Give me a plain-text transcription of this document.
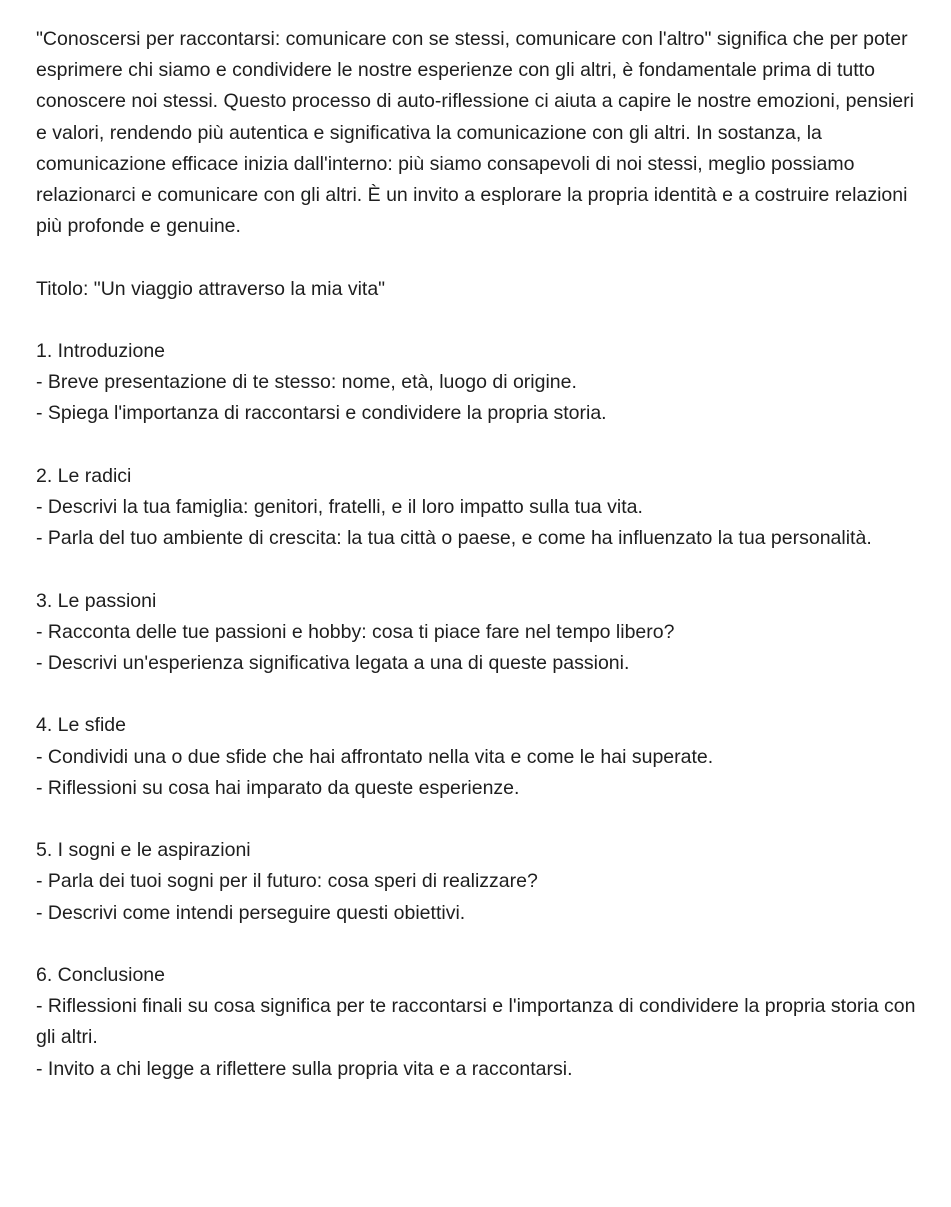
"Conoscersi per raccontarsi: comunicare con se stessi, comunicare con l'altro" significa che per poter esprimere chi siamo e condividere le nostre esperienze con gli altri, è fondamentale prima di tutto conoscere noi stessi. Questo processo di auto-riflessione ci aiuta a capire le nostre emozioni, pensieri e valori, rendendo più autentica e significativa la comunicazione con gli altri. In sostanza, la comunicazione efficace inizia dall'interno: più siamo consapevoli di noi stessi, meglio possiamo relazionarci e comunicare con gli altri. È un invito a esplorare la propria identità e a costruire relazioni più profonde e genuine.

Titolo: "Un viaggio attraverso la mia vita"

1. Introduzione

- Breve presentazione di te stesso: nome, età, luogo di origine.

- Spiega l'importanza di raccontarsi e condividere la propria storia.

2. Le radici

- Descrivi la tua famiglia: genitori, fratelli, e il loro impatto sulla tua vita.

- Parla del tuo ambiente di crescita: la tua città o paese, e come ha influenzato la tua personalità.

3. Le passioni

- Racconta delle tue passioni e hobby: cosa ti piace fare nel tempo libero?

- Descrivi un'esperienza significativa legata a una di queste passioni.

4. Le sfide

- Condividi una o due sfide che hai affrontato nella vita e come le hai superate.

- Riflessioni su cosa hai imparato da queste esperienze.

5. I sogni e le aspirazioni

- Parla dei tuoi sogni per il futuro: cosa speri di realizzare?

- Descrivi come intendi perseguire questi obiettivi.

6. Conclusione

- Riflessioni finali su cosa significa per te raccontarsi e l'importanza di condividere la propria storia con gli altri.

- Invito a chi legge a riflettere sulla propria vita e a raccontarsi.
